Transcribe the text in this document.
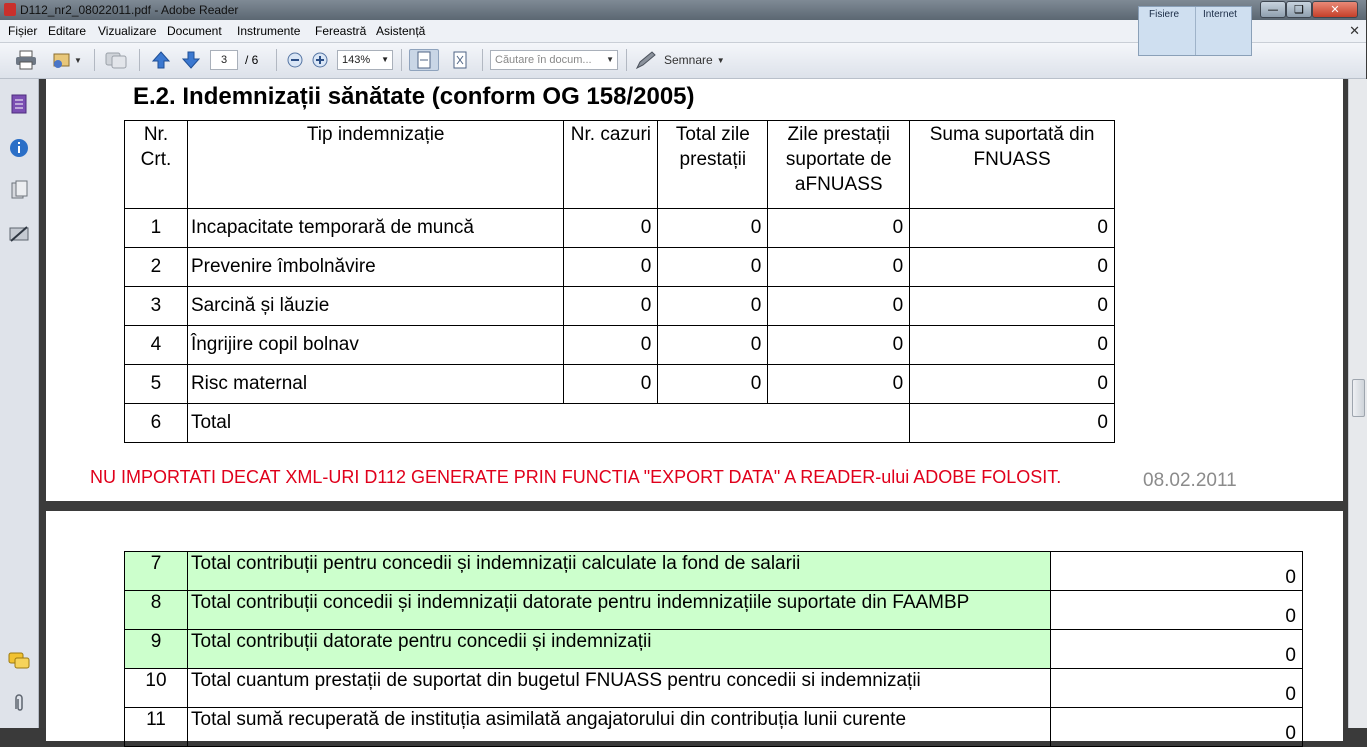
D112_nr2_08022011.pdf - Adobe Reader	Fisiere Internet	—	❑	✕
Fișier Editare Vizualizare Document Instrumente Fereastră Asistență	✕
▼	3	/ 6	143% ▼	Căutare în docum... ▼	Semnare ▼
E.2. Indemnizații sănătate (conform OG 158/2005)
Nr. Crt.	Tip indemnizație	Nr. cazuri	Total zile prestații	Zile prestații suportate de aFNUASS	Suma suportată din FNUASS
1	Incapacitate temporară de muncă	0	0	0	0
2	Prevenire îmbolnăvire	0	0	0	0
3	Sarcină și lăuzie	0	0	0	0
4	Îngrijire copil bolnav	0	0	0	0
5	Risc maternal	0	0	0	0
6	Total				0
NU IMPORTATI DECAT XML-URI D112 GENERATE PRIN FUNCTIA "EXPORT DATA" A READER-ului ADOBE FOLOSIT.	08.02.2011
7	Total contribuții pentru concedii și indemnizații calculate la fond de salarii	0
8	Total contribuții concedii și indemnizații datorate pentru indemnizațiile suportate din FAAMBP	0
9	Total contribuții datorate pentru concedii și indemnizații	0
10	Total cuantum prestații de suportat din bugetul FNUASS pentru concedii si indemnizații	0
11	Total sumă recuperată de instituția asimilată angajatorului din contribuția lunii curente	0
